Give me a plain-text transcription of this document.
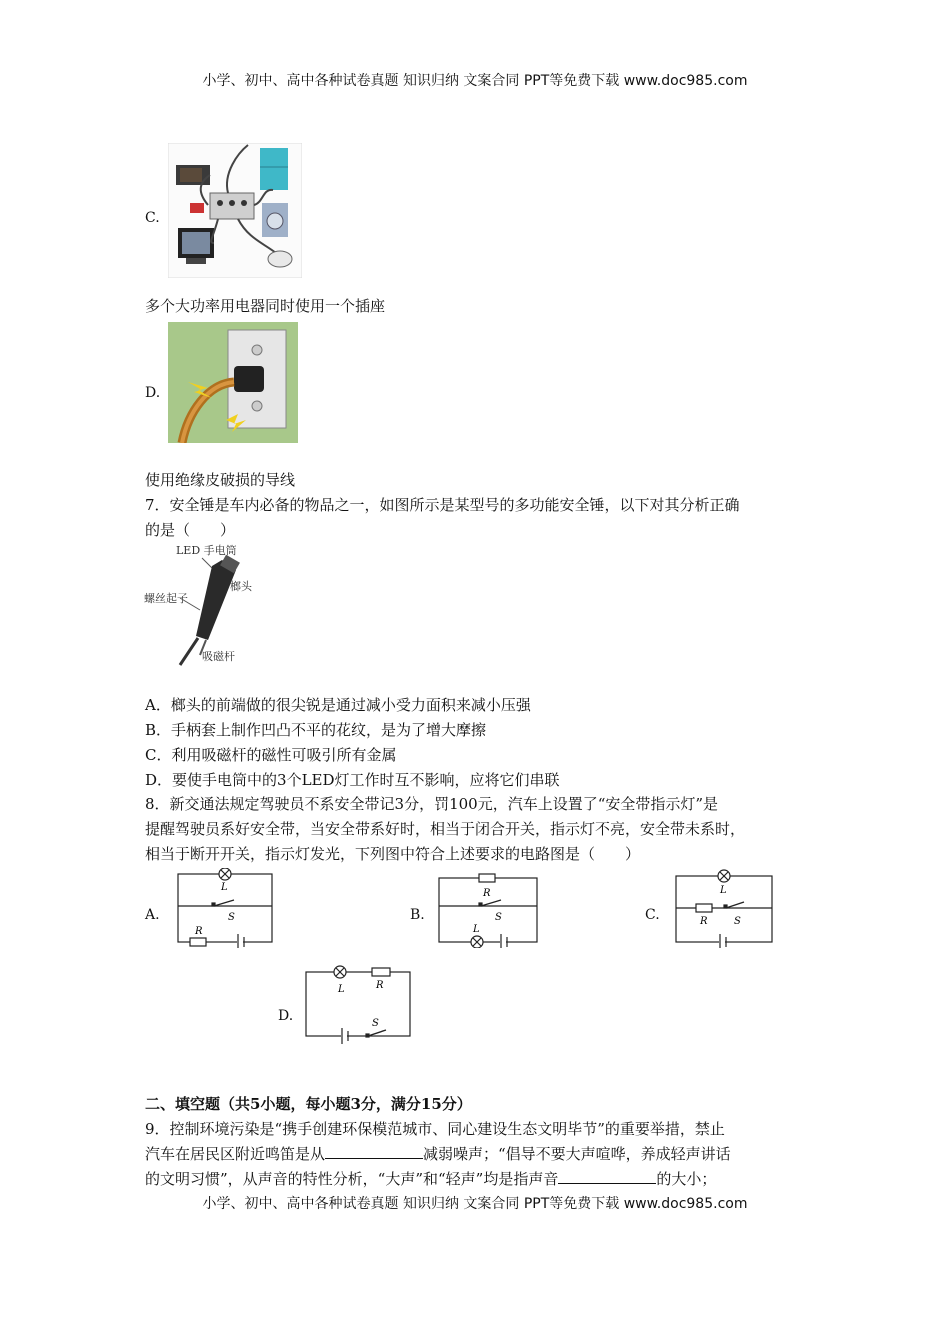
小学、初中、高中各种试卷真题 知识归纳 文案合同 PPT等免费下载 www.doc985.com
C.
多个大功率用电器同时使用一个插座
D.
使用绝缘皮破损的导线
7．安全锤是车内必备的物品之一，如图所示是某型号的多功能安全锤，以下对其分析正确
的是（　　）
LED 手电筒
榔头
螺丝起子
吸磁杆
A．榔头的前端做的很尖锐是通过减小受力面积来减小压强
B．手柄套上制作凹凸不平的花纹，是为了增大摩擦
C．利用吸磁杆的磁性可吸引所有金属
D．要使手电筒中的3个LED灯工作时互不影响，应将它们串联
8．新交通法规定驾驶员不系安全带记3分，罚100元，汽车上设置了“安全带指示灯”是
提醒驾驶员系好安全带，当安全带系好时，相当于闭合开关，指示灯不亮，安全带未系时，
相当于断开开关，指示灯发光，下列图中符合上述要求的电路图是（　　）
A.
L
S
R
B.
R
S
L
C.
L
R	S
D.
L	R
S
二、填空题（共5小题，每小题3分，满分15分）
9．控制环境污染是“携手创建环保模范城市、同心建设生态文明毕节”的重要举措，禁止
汽车在居民区附近鸣笛是从	减弱噪声；“倡导不要大声喧哗，养成轻声讲话
的文明习惯”，从声音的特性分析，“大声”和“轻声”均是指声音	的大小；
小学、初中、高中各种试卷真题 知识归纳 文案合同 PPT等免费下载 www.doc985.com
